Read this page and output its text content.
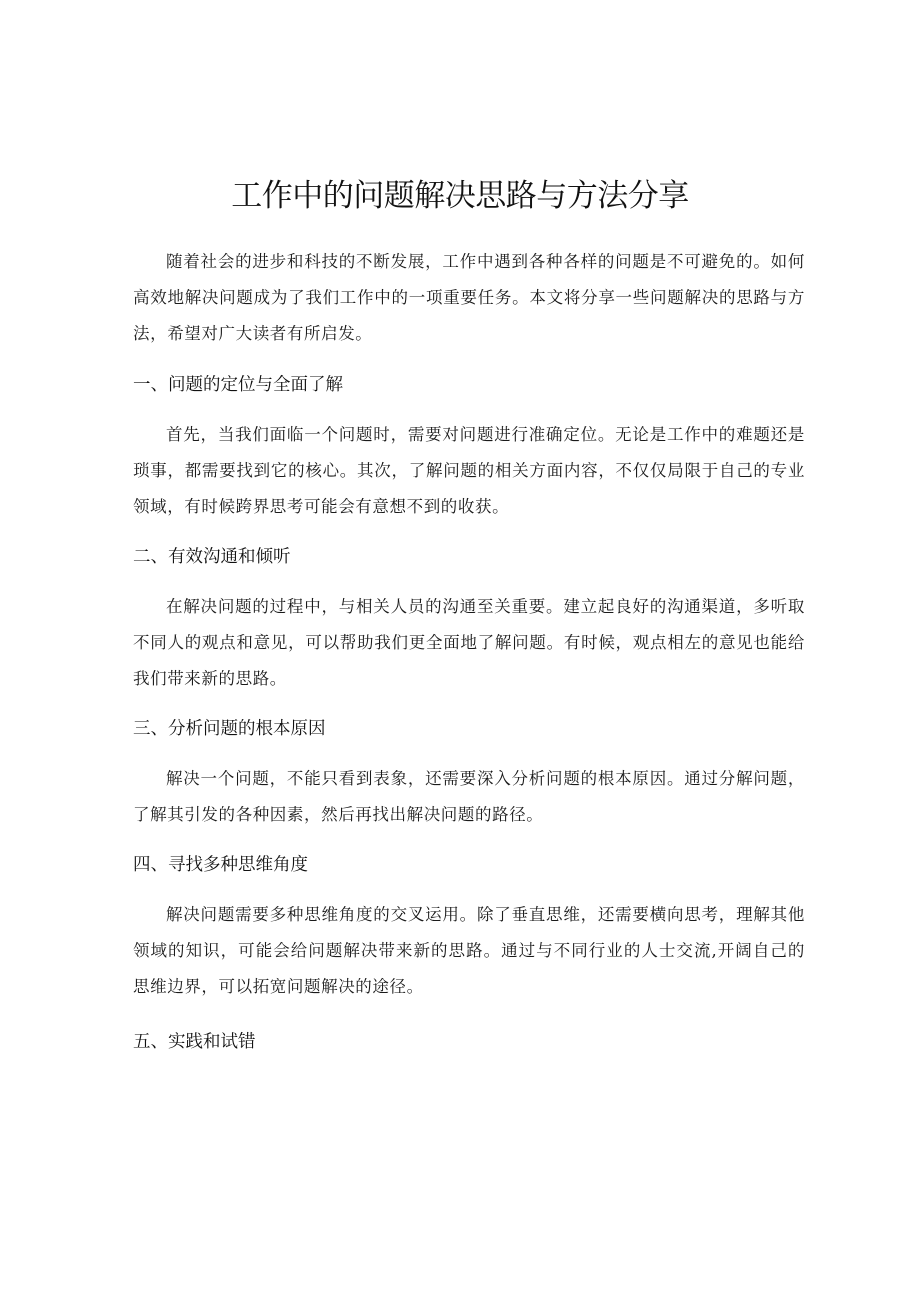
工作中的问题解决思路与方法分享

随着社会的进步和科技的不断发展，工作中遇到各种各样的问题是不可避免的。如何高效地解决问题成为了我们工作中的一项重要任务。本文将分享一些问题解决的思路与方法，希望对广大读者有所启发。

一、问题的定位与全面了解

首先，当我们面临一个问题时，需要对问题进行准确定位。无论是工作中的难题还是琐事，都需要找到它的核心。其次，了解问题的相关方面内容，不仅仅局限于自己的专业领域，有时候跨界思考可能会有意想不到的收获。

二、有效沟通和倾听

在解决问题的过程中，与相关人员的沟通至关重要。建立起良好的沟通渠道，多听取不同人的观点和意见，可以帮助我们更全面地了解问题。有时候，观点相左的意见也能给我们带来新的思路。

三、分析问题的根本原因

解决一个问题，不能只看到表象，还需要深入分析问题的根本原因。通过分解问题，了解其引发的各种因素，然后再找出解决问题的路径。

四、寻找多种思维角度

解决问题需要多种思维角度的交叉运用。除了垂直思维，还需要横向思考，理解其他领域的知识，可能会给问题解决带来新的思路。通过与不同行业的人士交流,开阔自己的思维边界，可以拓宽问题解决的途径。

五、实践和试错
